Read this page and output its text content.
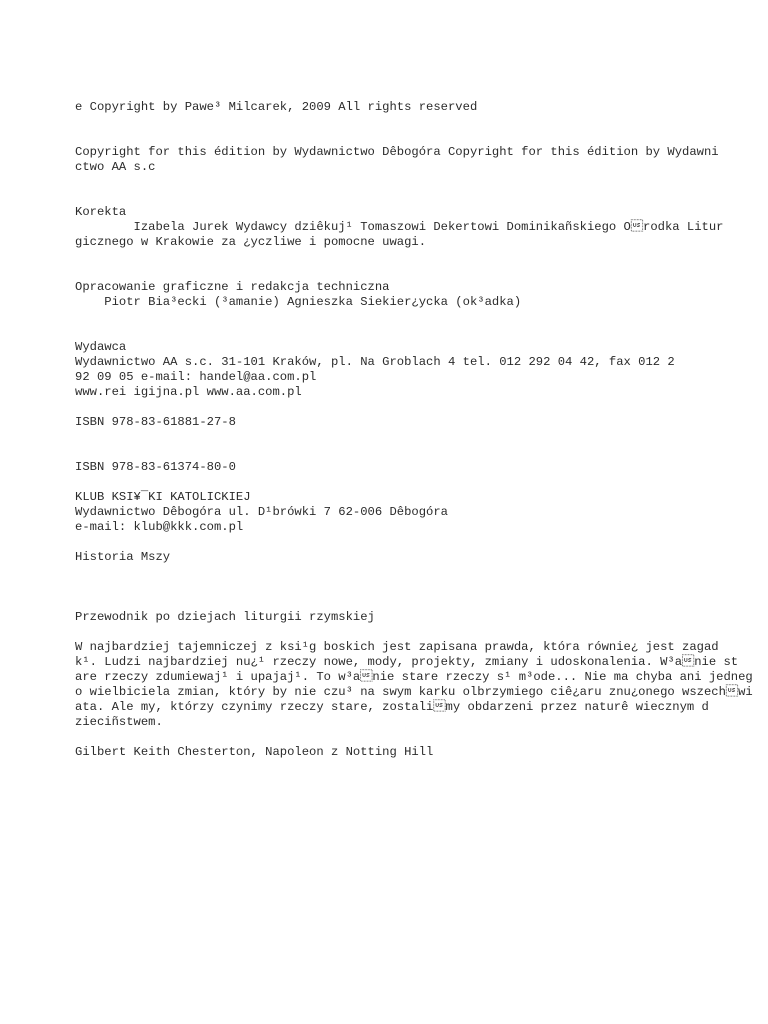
e Copyright by Pawe³ Milcarek, 2009 All rights reserved
Copyright for this édition by Wydawnictwo Dêbogóra Copyright for this édition by Wydawni
ctwo AA s.c
Korekta
Izabela Jurek Wydawcy dziêkuj¹ Tomaszowi Dekertowi Dominikañskiego Orodka Litur
gicznego w Krakowie za ¿yczliwe i pomocne uwagi.
Opracowanie graficzne i redakcja techniczna
Piotr Bia³ecki (³amanie) Agnieszka Siekier¿ycka (ok³adka)
Wydawca
Wydawnictwo AA s.c. 31-101 Kraków, pl. Na Groblach 4 tel. 012 292 04 42, fax 012 2
92 09 05 e-mail: handel@aa.com.pl
www.rei igijna.pl www.aa.com.pl
ISBN 978-83-61881-27-8
ISBN 978-83-61374-80-0
KLUB KSI¥¯KI KATOLICKIEJ
Wydawnictwo Dêbogóra ul. D¹brówki 7 62-006 Dêbogóra
e-mail: klub@kkk.com.pl
Historia Mszy
Przewodnik po dziejach liturgii rzymskiej
W najbardziej tajemniczej z ksi¹g boskich jest zapisana prawda, która równie¿ jest zagad
k¹. Ludzi najbardziej nu¿¹ rzeczy nowe, mody, projekty, zmiany i udoskonalenia. W³anie st
are rzeczy zdumiewaj¹ i upajaj¹. To w³anie stare rzeczy s¹ m³ode... Nie ma chyba ani jedneg
o wielbiciela zmian, który by nie czu³ na swym karku olbrzymiego ciê¿aru znu¿onego wszechwi
ata. Ale my, którzy czynimy rzeczy stare, zostalimy obdarzeni przez naturê wiecznym d
zieciñstwem.
Gilbert Keith Chesterton, Napoleon z Notting Hill
